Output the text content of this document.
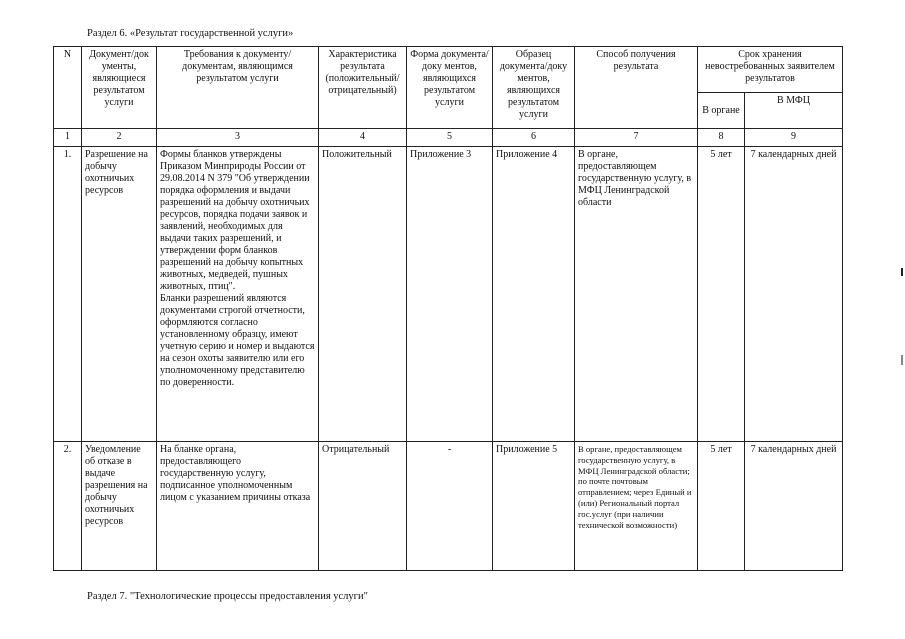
Раздел 6. «Результат государственной услуги»
N	Документ/док ументы, являющиеся результатом услуги	Требования к документу/документам, являющимся результатом услуги	Характеристика результата (положительный/отрицательный)	Форма документа/доку ментов, являющихся результатом услуги	Образец документа/доку ментов, являющихся результатом услуги	Способ получения результата	Срок хранения невостребованных заявителем результатов	
							В органе	В МФЦ
1	2	3	4	5	6	7	8	9
1.	Разрешение на добычу охотничьих ресурсов	Формы бланков утверждены Приказом Минприроды России от 29.08.2014 N 379 "Об утверждении порядка оформления и выдачи разрешений на добычу охотничьих ресурсов, порядка подачи заявок и заявлений, необходимых для выдачи таких разрешений, и утверждении форм бланков разрешений на добычу копытных животных, медведей, пушных животных, птиц".
Бланки разрешений являются документами строгой отчетности, оформляются согласно установленному образцу, имеют учетную серию и номер и выдаются на сезон охоты заявителю или его уполномоченному представителю по доверенности.	Положительный	Приложение 3	Приложение 4	В органе, предоставляющем государственную услугу, в МФЦ Ленинградской области	5 лет	7 календарных дней
2.	Уведомление об отказе в выдаче разрешения на добычу охотничьих ресурсов	На бланке органа, предоставляющего государственную услугу, подписанное уполномоченным лицом с указанием причины отказа	Отрицательный	-	Приложение 5	В органе, предоставляющем государственную услугу, в МФЦ Ленинградской области; по почте почтовым отправлением; через Единый и (или) Региональный портал гос.услуг (при наличии технической возможности)	5 лет	7 календарных дней
Раздел 7. "Технологические процессы предоставления услуги"
